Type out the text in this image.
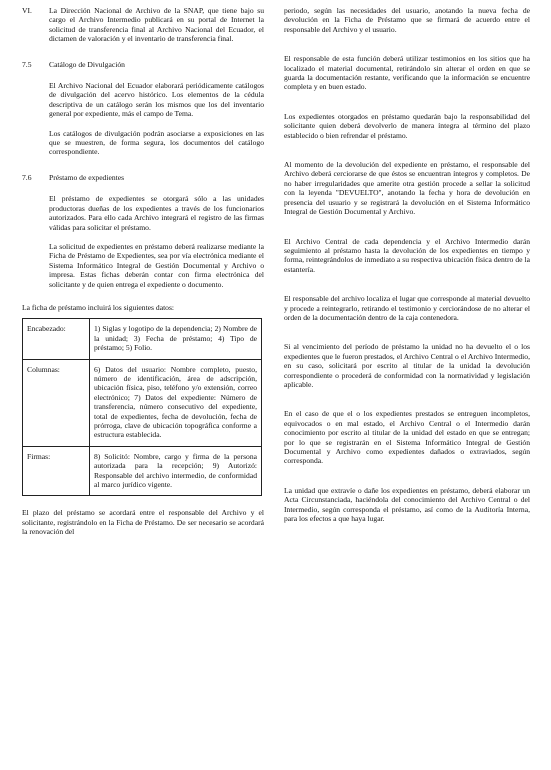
VI.	La Dirección Nacional de Archivo de la SNAP, que tiene bajo su cargo el Archivo Intermedio publicará en su portal de Internet la solicitud de transferencia final al Archivo Nacional del Ecuador, el dictamen de valoración y el inventario de transferencia final.
7.5	Catálogo de Divulgación

El Archivo Nacional del Ecuador elaborará periódicamente catálogos de divulgación del acervo histórico. Los elementos de la cédula descriptiva de un catálogo serán los mismos que los del inventario general por expediente, más el campo de Tema.

Los catálogos de divulgación podrán asociarse a exposiciones en las que se muestren, de forma segura, los documentos del catálogo correspondiente.

7.6	Préstamo de expedientes

El préstamo de expedientes se otorgará sólo a las unidades productoras dueñas de los expedientes a través de los funcionarios autorizados. Para ello cada Archivo integrará el registro de las firmas válidas para solicitar el préstamo.

La solicitud de expedientes en préstamo deberá realizarse mediante la Ficha de Préstamo de Expedientes, sea por vía electrónica mediante el Sistema Informático Integral de Gestión Documental y Archivo o impresa. Estas fichas deberán contar con firma electrónica del solicitante y de quien entrega el expediente o documento.

La ficha de préstamo incluirá los siguientes datos:

Encabezado:	1) Siglas y logotipo de la dependencia; 2) Nombre de la unidad; 3) Fecha de préstamo; 4) Tipo de préstamo; 5) Folio.
Columnas:	6) Datos del usuario: Nombre completo, puesto, número de identificación, área de adscripción, ubicación física, piso, teléfono y/o extensión, correo electrónico; 7) Datos del expediente: Número de transferencia, número consecutivo del expediente, total de expedientes, fecha de devolución, fecha de prórroga, clave de ubicación topográfica conforme a estructura establecida.
Firmas:	8) Solicitó: Nombre, cargo y firma de la persona autorizada para la recepción; 9) Autorizó: Responsable del archivo intermedio, de conformidad al marco jurídico vigente.

El plazo del préstamo se acordará entre el responsable del Archivo y el solicitante, registrándolo en la Ficha de Préstamo. De ser necesario se acordará la renovación del

periodo, según las necesidades del usuario, anotando la nueva fecha de devolución en la Ficha de Préstamo que se firmará de acuerdo entre el responsable del Archivo y el usuario.

El responsable de esta función deberá utilizar testimonios en los sitios que ha localizado el material documental, retirándolo sin alterar el orden en que se guarda la documentación restante, verificando que la información se encuentre completa y en buen estado.

Los expedientes otorgados en préstamo quedarán bajo la responsabilidad del solicitante quien deberá devolverlo de manera íntegra al término del plazo establecido o bien refrendar el préstamo.

Al momento de la devolución del expediente en préstamo, el responsable del Archivo deberá cerciorarse de que éstos se encuentran íntegros y completos. De no haber irregularidades que amerite otra gestión procede a sellar la solicitud con la leyenda "DEVUELTO", anotando la fecha y hora de devolución en presencia del usuario y se registrará la devolución en el Sistema Informático Integral de Gestión Documental y Archivo.

El Archivo Central de cada dependencia y el Archivo Intermedio darán seguimiento al préstamo hasta la devolución de los expedientes en tiempo y forma, reintegrándolos de inmediato a su respectiva ubicación física dentro de la estantería.

El responsable del archivo localiza el lugar que corresponde al material devuelto y procede a reintegrarlo, retirando el testimonio y cerciorándose de no alterar el orden de la documentación dentro de la caja contenedora.

Si al vencimiento del período de préstamo la unidad no ha devuelto el o los expedientes que le fueron prestados, el Archivo Central o el Archivo Intermedio, en su caso, solicitará por escrito al titular de la unidad la devolución correspondiente o procederá de conformidad con la normatividad y legislación aplicable.

En el caso de que el o los expedientes prestados se entreguen incompletos, equivocados o en mal estado, el Archivo Central o el Intermedio darán conocimiento por escrito al titular de la unidad del estado en que se entregan; por lo que se registrarán en el Sistema Informático Integral de Gestión Documental y Archivo como expedientes dañados o extraviados, según corresponda.

La unidad que extravíe o dañe los expedientes en préstamo, deberá elaborar un Acta Circunstanciada, haciéndola del conocimiento del Archivo Central o del Intermedio, según corresponda el préstamo, así como de la Auditoría Interna, para los efectos a que haya lugar.
